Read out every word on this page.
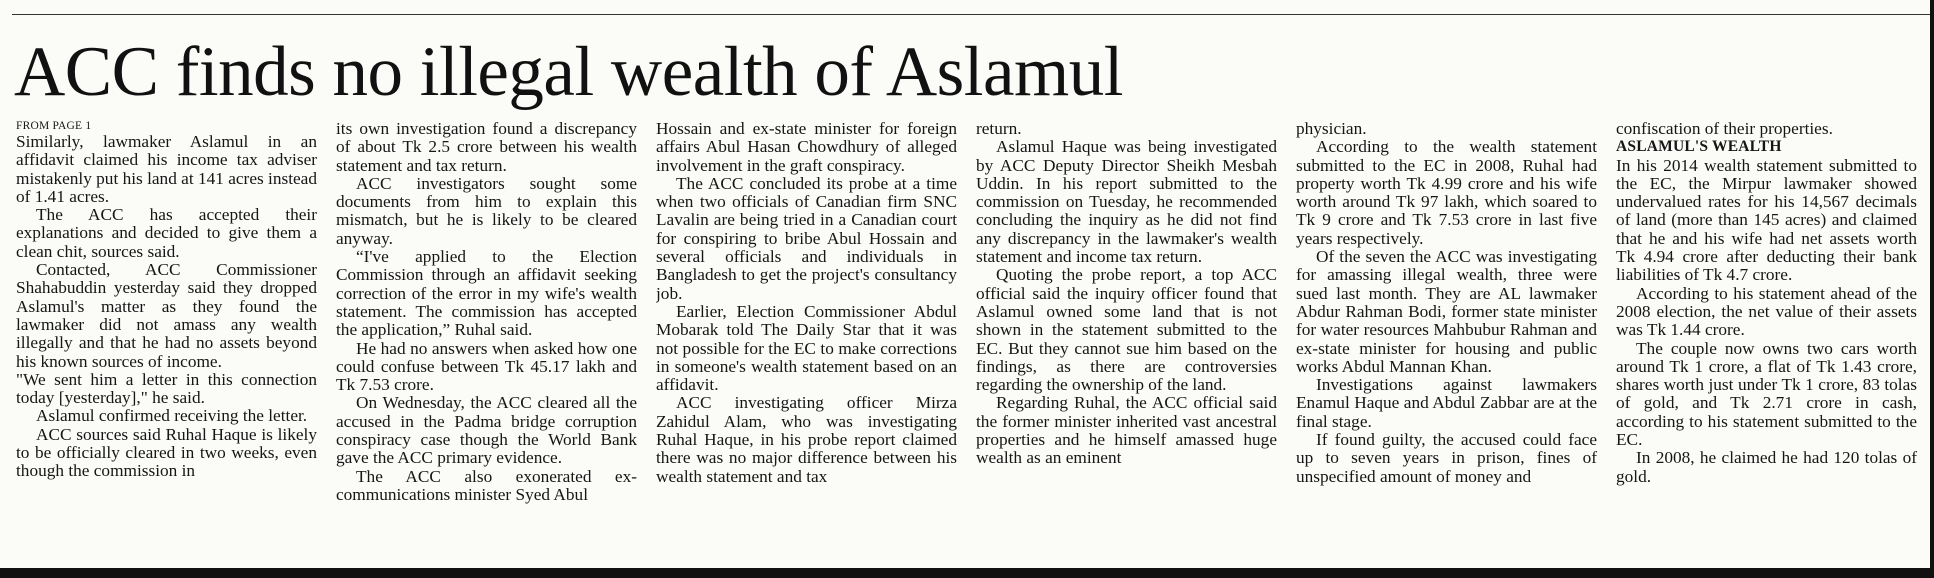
ACC finds no illegal wealth of Aslamul
FROM PAGE 1

Similarly, lawmaker Aslamul in an affidavit claimed his income tax adviser mistakenly put his land at 141 acres instead of 1.41 acres.

The ACC has accepted their explanations and decided to give them a clean chit, sources said.

Contacted, ACC Commissioner Shahabuddin yesterday said they dropped Aslamul's matter as they found the lawmaker did not amass any wealth illegally and that he had no assets beyond his known sources of income.

"We sent him a letter in this connection today [yesterday]," he said.

Aslamul confirmed receiving the letter.

ACC sources said Ruhal Haque is likely to be officially cleared in two weeks, even though the commission in

its own investigation found a discrepancy of about Tk 2.5 crore between his wealth statement and tax return.

ACC investigators sought some documents from him to explain this mismatch, but he is likely to be cleared anyway.

“I've applied to the Election Commission through an affidavit seeking correction of the error in my wife's wealth statement. The commission has accepted the application,” Ruhal said.

He had no answers when asked how one could confuse between Tk 45.17 lakh and Tk 7.53 crore.

On Wednesday, the ACC cleared all the accused in the Padma bridge corruption conspiracy case though the World Bank gave the ACC primary evidence.

The ACC also exonerated ex-communications minister Syed Abul

Hossain and ex-state minister for foreign affairs Abul Hasan Chowdhury of alleged involvement in the graft conspiracy.

The ACC concluded its probe at a time when two officials of Canadian firm SNC Lavalin are being tried in a Canadian court for conspiring to bribe Abul Hossain and several officials and individuals in Bangladesh to get the project's consultancy job.

Earlier, Election Commissioner Abdul Mobarak told The Daily Star that it was not possible for the EC to make corrections in someone's wealth statement based on an affidavit.

ACC investigating officer Mirza Zahidul Alam, who was investigating Ruhal Haque, in his probe report claimed there was no major difference between his wealth statement and tax

return.

Aslamul Haque was being investigated by ACC Deputy Director Sheikh Mesbah Uddin. In his report submitted to the commission on Tuesday, he recommended concluding the inquiry as he did not find any discrepancy in the lawmaker's wealth statement and income tax return.

Quoting the probe report, a top ACC official said the inquiry officer found that Aslamul owned some land that is not shown in the statement submitted to the EC. But they cannot sue him based on the findings, as there are controversies regarding the ownership of the land.

Regarding Ruhal, the ACC official said the former minister inherited vast ancestral properties and he himself amassed huge wealth as an eminent

physician.

According to the wealth statement submitted to the EC in 2008, Ruhal had property worth Tk 4.99 crore and his wife worth around Tk 97 lakh, which soared to Tk 9 crore and Tk 7.53 crore in last five years respectively.

Of the seven the ACC was investigating for amassing illegal wealth, three were sued last month. They are AL lawmaker Abdur Rahman Bodi, former state minister for water resources Mahbubur Rahman and ex-state minister for housing and public works Abdul Mannan Khan.

Investigations against lawmakers Enamul Haque and Abdul Zabbar are at the final stage.

If found guilty, the accused could face up to seven years in prison, fines of unspecified amount of money and

confiscation of their properties.

ASLAMUL'S WEALTH

In his 2014 wealth statement submitted to the EC, the Mirpur lawmaker showed undervalued rates for his 14,567 decimals of land (more than 145 acres) and claimed that he and his wife had net assets worth Tk 4.94 crore after deducting their bank liabilities of Tk 4.7 crore.

According to his statement ahead of the 2008 election, the net value of their assets was Tk 1.44 crore.

The couple now owns two cars worth around Tk 1 crore, a flat of Tk 1.43 crore, shares worth just under Tk 1 crore, 83 tolas of gold, and Tk 2.71 crore in cash, according to his statement submitted to the EC.

In 2008, he claimed he had 120 tolas of gold.
